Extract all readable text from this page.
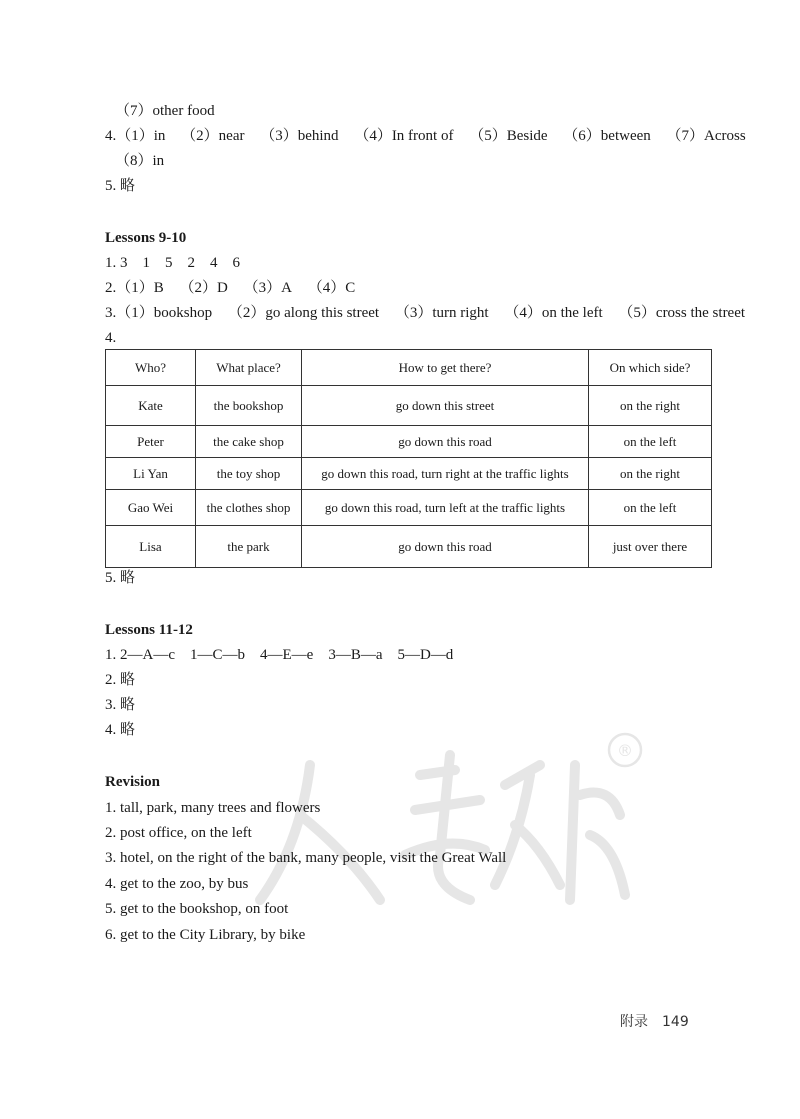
®
（7）other food
4.（1）in （2）near （3）behind （4）In front of （5）Beside （6）between （7）Across
（8）in
5. 略
Lessons 9-10
1. 3　1　5　2　4　6
2.（1）B （2）D （3）A （4）C
3.（1）bookshop （2）go along this street （3）turn right （4）on the left （5）cross the street
4.
Who?	What place?	How to get there?	On which side?
Kate	the bookshop	go down this street	on the right
Peter	the cake shop	go down this road	on the left
Li Yan	the toy shop	go down this road, turn right at the traffic lights	on the right
Gao Wei	the clothes shop	go down this road, turn left at the traffic lights	on the left
Lisa	the park	go down this road	just over there
5. 略
Lessons 11-12
1. 2—A—c　1—C—b　4—E—e　3—B—a　5—D—d
2. 略
3. 略
4. 略
Revision
1. tall, park, many trees and flowers
2. post office, on the left
3. hotel, on the right of the bank, many people, visit the Great Wall
4. get to the zoo, by bus
5. get to the bookshop, on foot
6. get to the City Library, by bike
附录 149
